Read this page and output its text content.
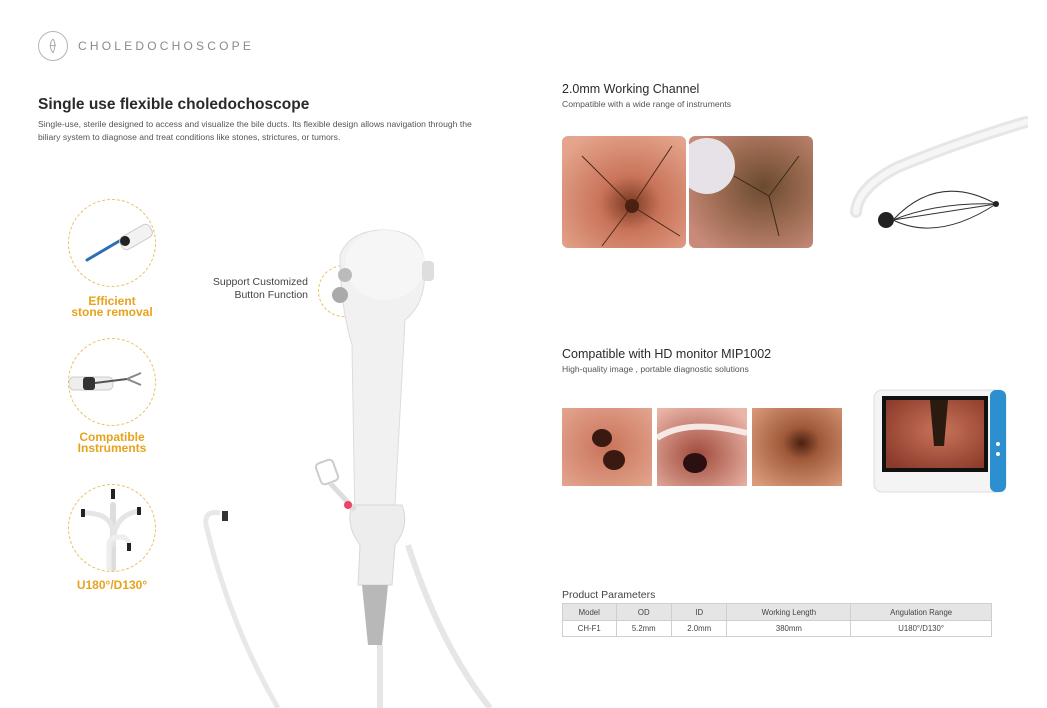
CHOLEDOCHOSCOPE
Single use flexible choledochoscope
Single-use, sterile designed to access and visualize the bile ducts. Its flexible design allows navigation through the biliary system to diagnose and treat conditions like stones, strictures, or tumors.
Efficient
stone removal
Compatible
Instruments
U180°/D130°
Support Customized
Button Function
2.0mm Working Channel
Compatible with a wide range of instruments
Compatible with HD monitor MIP1002
High-quality image , portable diagnostic solutions
Product Parameters
Model	OD	ID	Working Length	Angulation Range
CH-F1	5.2mm	2.0mm	380mm	U180°/D130°
